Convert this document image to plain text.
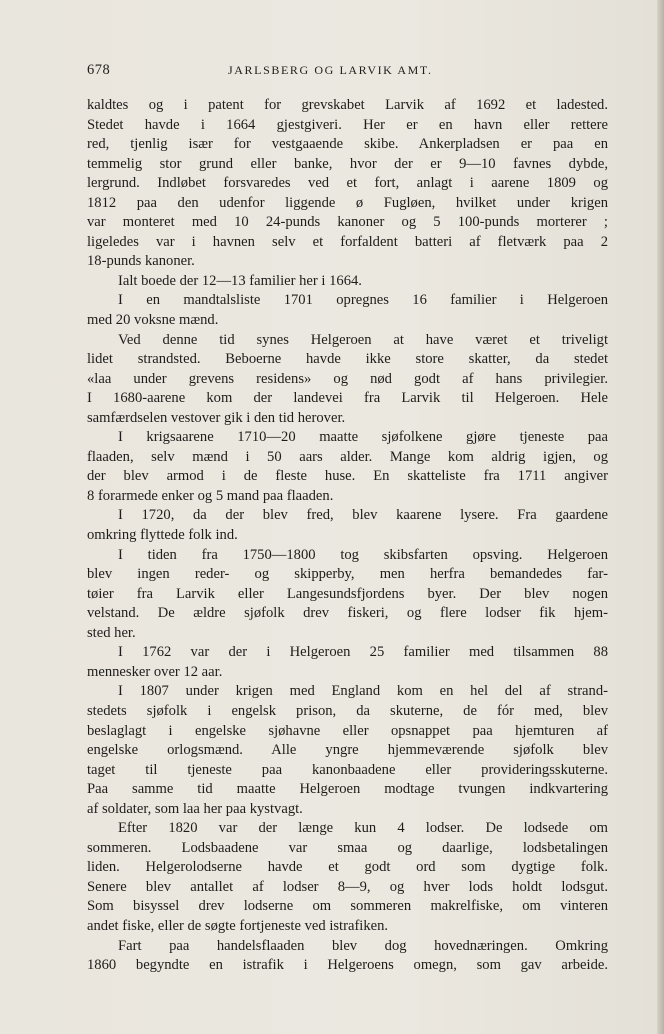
678	JARLSBERG OG LARVIK AMT.
kaldtes og i patent for grevskabet Larvik af 1692 et ladested.
Stedet havde i 1664 gjestgiveri. Her er en havn eller rettere
red, tjenlig især for vestgaaende skibe. Ankerpladsen er paa en
temmelig stor grund eller banke, hvor der er 9—10 favnes dybde,
lergrund. Indløbet forsvaredes ved et fort, anlagt i aarene 1809 og
1812 paa den udenfor liggende ø Fugløen, hvilket under krigen
var monteret med 10 24-punds kanoner og 5 100-punds morterer ;
ligeledes var i havnen selv et forfaldent batteri af fletværk paa 2
18-punds kanoner.
Ialt boede der 12—13 familier her i 1664.
I en mandtalsliste 1701 opregnes 16 familier i Helgeroen
med 20 voksne mænd.
Ved denne tid synes Helgeroen at have været et triveligt
lidet strandsted. Beboerne havde ikke store skatter, da stedet
«laa under grevens residens» og nød godt af hans privilegier.
I 1680-aarene kom der landevei fra Larvik til Helgeroen. Hele
samfærdselen vestover gik i den tid herover.
I krigsaarene 1710—20 maatte sjøfolkene gjøre tjeneste paa
flaaden, selv mænd i 50 aars alder. Mange kom aldrig igjen, og
der blev armod i de fleste huse. En skatteliste fra 1711 angiver
8 forarmede enker og 5 mand paa flaaden.
I 1720, da der blev fred, blev kaarene lysere. Fra gaardene
omkring flyttede folk ind.
I tiden fra 1750—1800 tog skibsfarten opsving. Helgeroen
blev ingen reder- og skipperby, men herfra bemandedes far-
tøier fra Larvik eller Langesundsfjordens byer. Der blev nogen
velstand. De ældre sjøfolk drev fiskeri, og flere lodser fik hjem-
sted her.
I 1762 var der i Helgeroen 25 familier med tilsammen 88
mennesker over 12 aar.
I 1807 under krigen med England kom en hel del af strand-
stedets sjøfolk i engelsk prison, da skuterne, de fór med, blev
beslaglagt i engelske sjøhavne eller opsnappet paa hjemturen af
engelske orlogsmænd. Alle yngre hjemmeværende sjøfolk blev
taget til tjeneste paa kanonbaadene eller provideringsskuterne.
Paa samme tid maatte Helgeroen modtage tvungen indkvartering
af soldater, som laa her paa kystvagt.
Efter 1820 var der længe kun 4 lodser. De lodsede om
sommeren. Lodsbaadene var smaa og daarlige, lodsbetalingen
liden. Helgerolodserne havde et godt ord som dygtige folk.
Senere blev antallet af lodser 8—9, og hver lods holdt lodsgut.
Som bisyssel drev lodserne om sommeren makrelfiske, om vinteren
andet fiske, eller de søgte fortjeneste ved istrafiken.
Fart paa handelsflaaden blev dog hovednæringen. Omkring
1860 begyndte en istrafik i Helgeroens omegn, som gav arbeide.
